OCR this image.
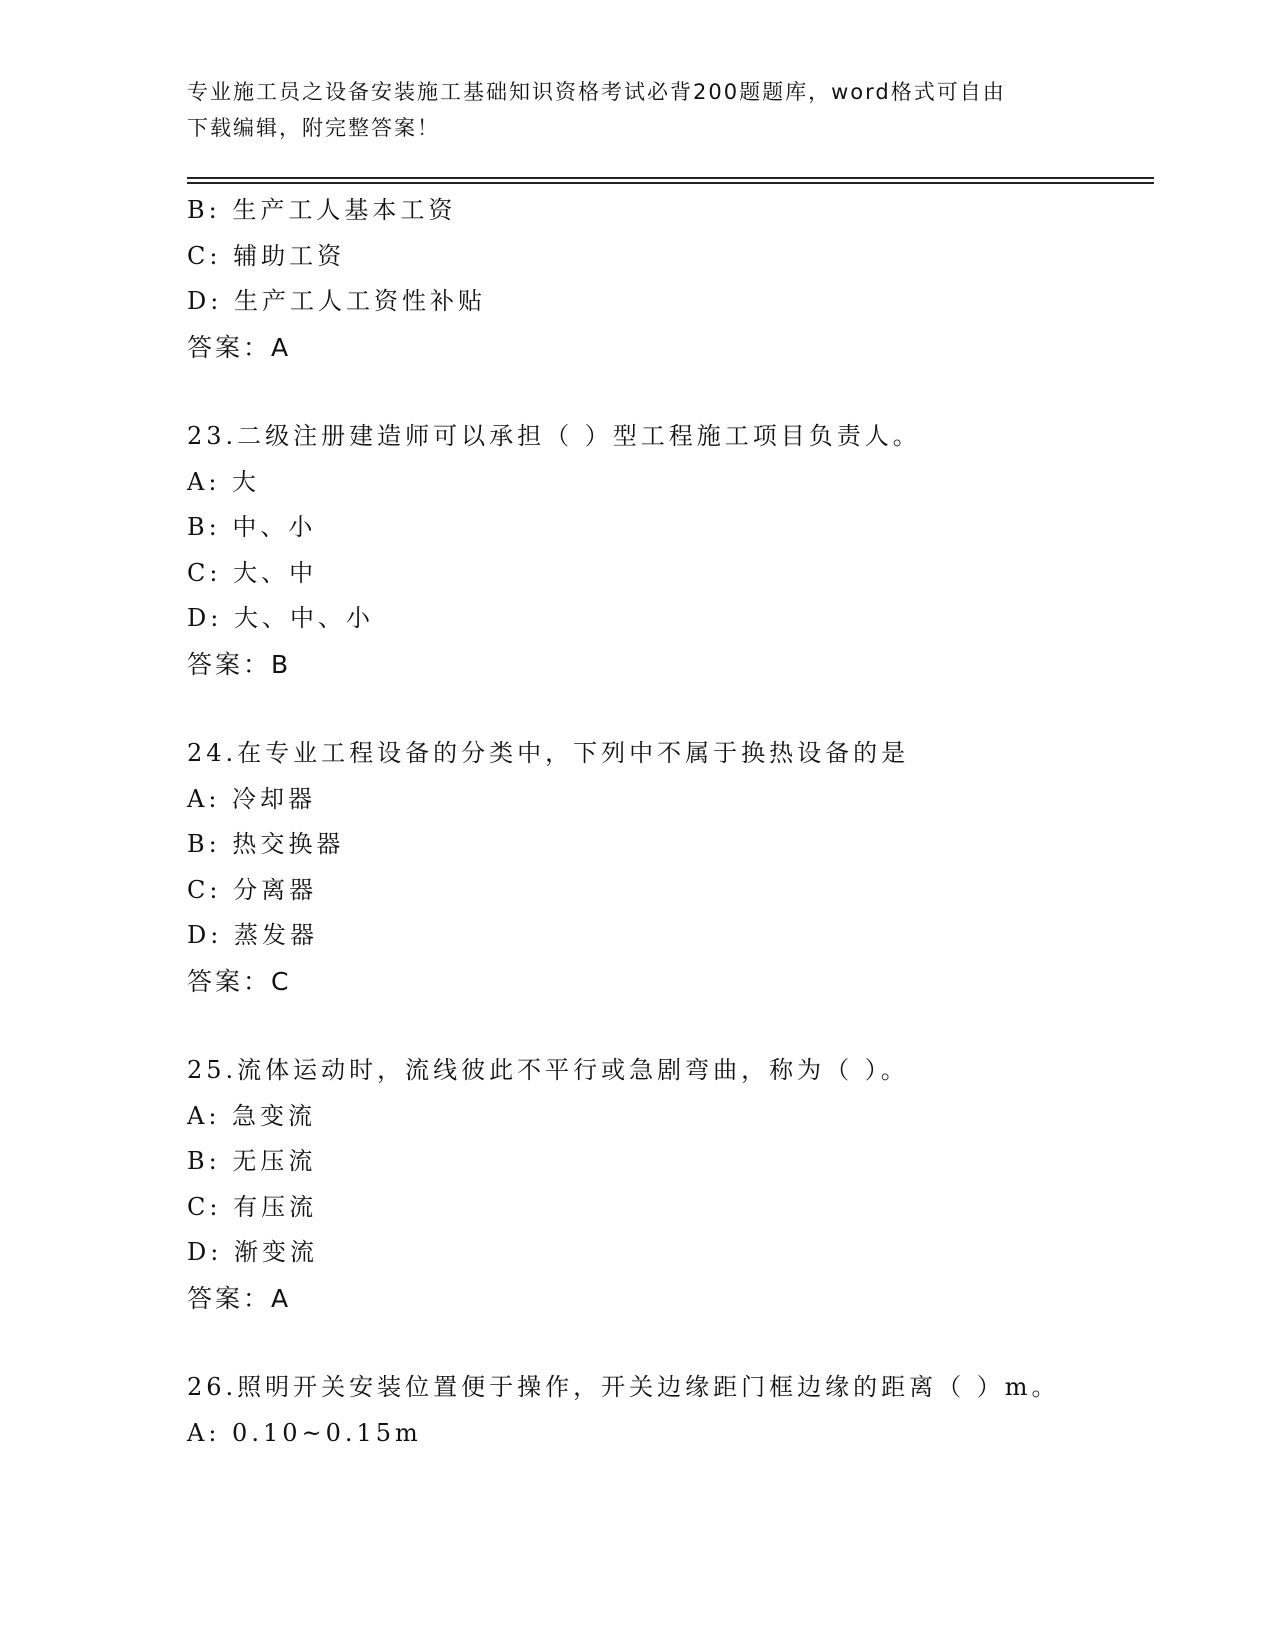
专业施工员之设备安装施工基础知识资格考试必背200题题库，word格式可自由
下载编辑，附完整答案！
B: 生产工人基本工资
C: 辅助工资
D: 生产工人工资性补贴
答案：A
23.二级注册建造师可以承担（ ）型工程施工项目负责人。
A: 大
B: 中、小
C: 大、中
D: 大、中、小
答案：B
24.在专业工程设备的分类中，下列中不属于换热设备的是
A: 冷却器
B: 热交换器
C: 分离器
D: 蒸发器
答案：C
25.流体运动时，流线彼此不平行或急剧弯曲，称为（ ）。
A: 急变流
B: 无压流
C: 有压流
D: 渐变流
答案：A
26.照明开关安装位置便于操作，开关边缘距门框边缘的距离（ ）m。
A: 0.10~0.15m
